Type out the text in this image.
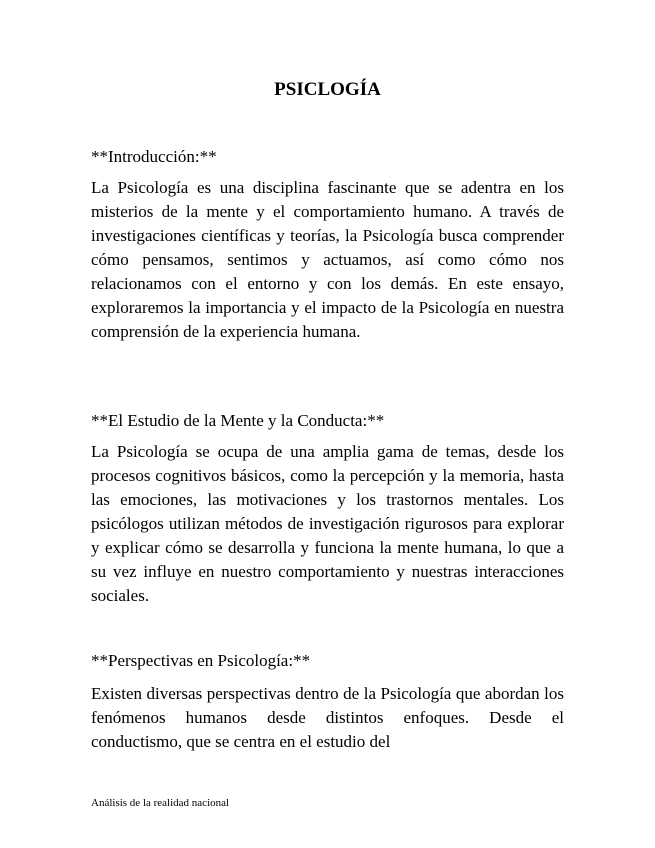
PSICLOGÍA

**Introducción:**

La Psicología es una disciplina fascinante que se adentra en los misterios de la mente y el comportamiento humano. A través de investigaciones científicas y teorías, la Psicología busca comprender cómo pensamos, sentimos y actuamos, así como cómo nos relacionamos con el entorno y con los demás. En este ensayo, exploraremos la importancia y el impacto de la Psicología en nuestra comprensión de la experiencia humana.

**El Estudio de la Mente y la Conducta:**

La Psicología se ocupa de una amplia gama de temas, desde los procesos cognitivos básicos, como la percepción y la memoria, hasta las emociones, las motivaciones y los trastornos mentales. Los psicólogos utilizan métodos de investigación rigurosos para explorar y explicar cómo se desarrolla y funciona la mente humana, lo que a su vez influye en nuestro comportamiento y nuestras interacciones sociales.

**Perspectivas en Psicología:**

Existen diversas perspectivas dentro de la Psicología que abordan los fenómenos humanos desde distintos enfoques. Desde el conductismo, que se centra en el estudio del

Análisis de la realidad nacional
